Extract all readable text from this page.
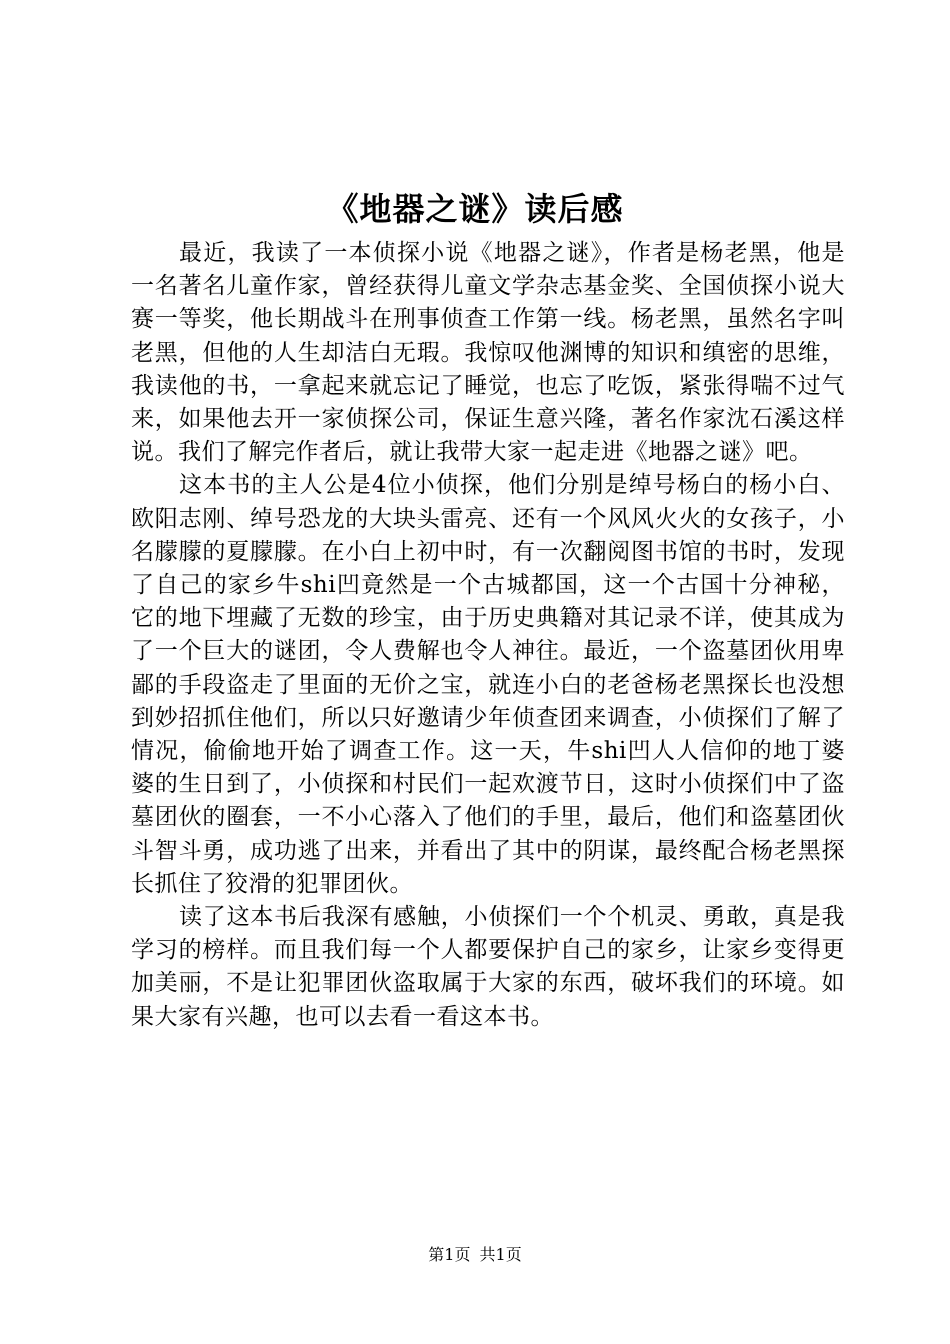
《地器之谜》读后感

最近，我读了一本侦探小说《地器之谜》，作者是杨老黑，他是一名著名儿童作家，曾经获得儿童文学杂志基金奖、全国侦探小说大赛一等奖，他长期战斗在刑事侦查工作第一线。杨老黑，虽然名字叫老黑，但他的人生却洁白无瑕。我惊叹他渊博的知识和缜密的思维，我读他的书，一拿起来就忘记了睡觉，也忘了吃饭，紧张得喘不过气来，如果他去开一家侦探公司，保证生意兴隆，著名作家沈石溪这样说。我们了解完作者后，就让我带大家一起走进《地器之谜》吧。

这本书的主人公是4位小侦探，他们分别是绰号杨白的杨小白、欧阳志刚、绰号恐龙的大块头雷亮、还有一个风风火火的女孩子，小名朦朦的夏朦朦。在小白上初中时，有一次翻阅图书馆的书时，发现了自己的家乡牛shi凹竟然是一个古城都国，这一个古国十分神秘，它的地下埋藏了无数的珍宝，由于历史典籍对其记录不详，使其成为了一个巨大的谜团，令人费解也令人神往。最近，一个盗墓团伙用卑鄙的手段盗走了里面的无价之宝，就连小白的老爸杨老黑探长也没想到妙招抓住他们，所以只好邀请少年侦查团来调查，小侦探们了解了情况，偷偷地开始了调查工作。这一天，牛shi凹人人信仰的地丁婆婆的生日到了，小侦探和村民们一起欢渡节日，这时小侦探们中了盗墓团伙的圈套，一不小心落入了他们的手里，最后，他们和盗墓团伙斗智斗勇，成功逃了出来，并看出了其中的阴谋，最终配合杨老黑探长抓住了狡滑的犯罪团伙。

读了这本书后我深有感触，小侦探们一个个机灵、勇敢，真是我学习的榜样。而且我们每一个人都要保护自己的家乡，让家乡变得更加美丽，不是让犯罪团伙盗取属于大家的东西，破坏我们的环境。如果大家有兴趣，也可以去看一看这本书。

第1页 共1页
